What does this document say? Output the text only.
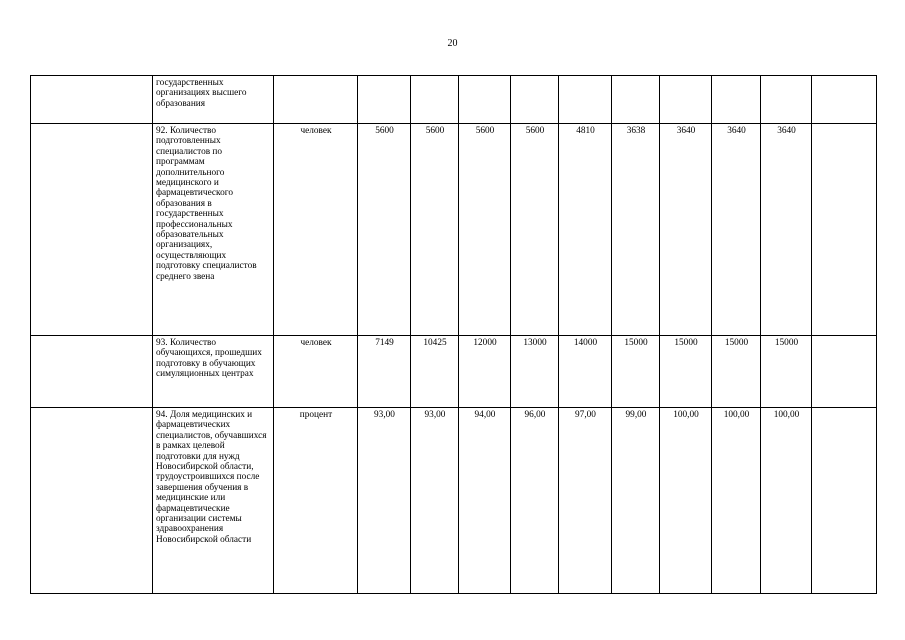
20
	государственных организациях высшего образования											
	92. Количество подготовленных специалистов по программам дополнительного медицинского и фармацевтического образования в государственных профессиональных образовательных организациях, осуществляющих подготовку специалистов среднего звена	человек	5600	5600	5600	5600	4810	3638	3640	3640	3640	
	93. Количество обучающихся, прошедших подготовку в обучающих симуляционных центрах	человек	7149	10425	12000	13000	14000	15000	15000	15000	15000	
	94. Доля медицинских и фармацевтических специалистов, обучавшихся в рамках целевой подготовки для нужд Новосибирской области, трудоустроившихся после завершения обучения в медицинские или фармацевтические организации системы здравоохранения Новосибирской области	процент	93,00	93,00	94,00	96,00	97,00	99,00	100,00	100,00	100,00	
